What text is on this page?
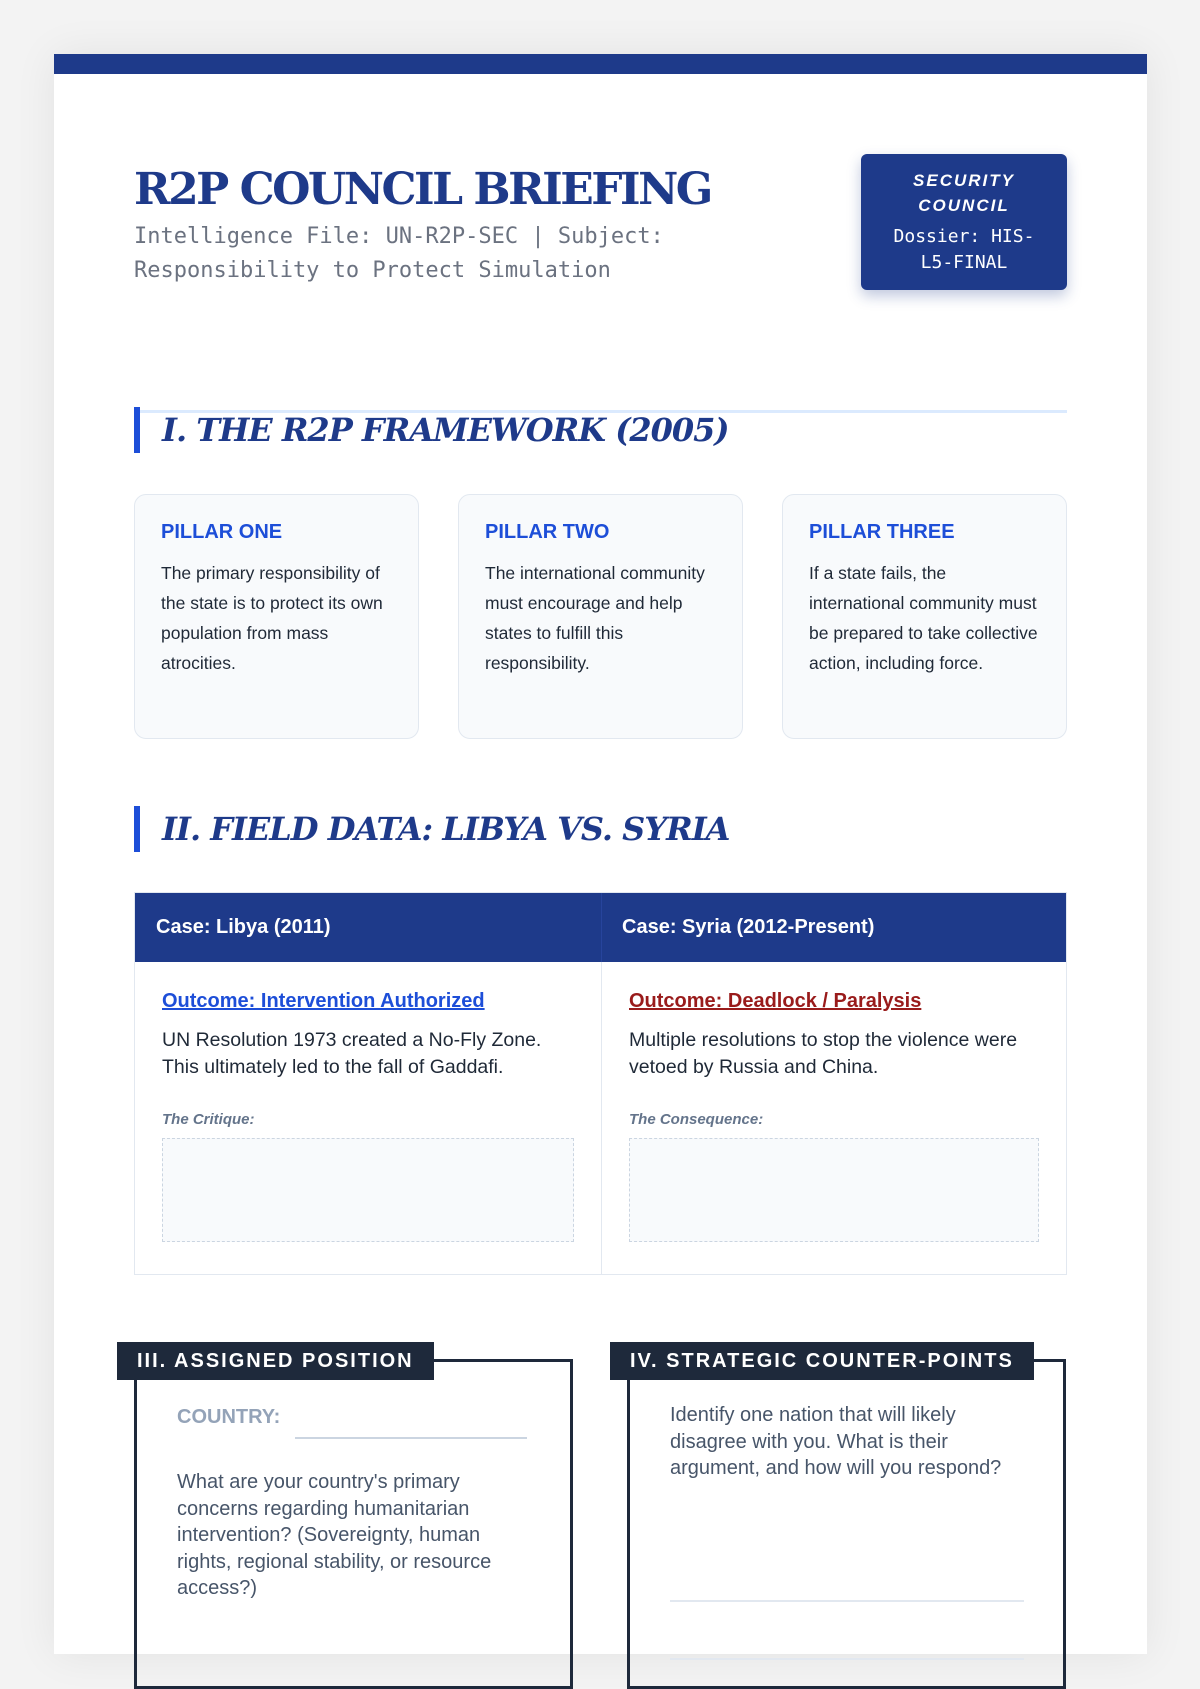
R2P COUNCIL BRIEFING
Intelligence File: UN-R2P-SEC | Subject: Responsibility to Protect Simulation
SECURITY COUNCIL
Dossier: HIS-L5-FINAL
I. THE R2P FRAMEWORK (2005)
PILLAR ONE

The primary responsibility of the state is to protect its own population from mass atrocities.

PILLAR TWO

The international community must encourage and help states to fulfill this responsibility.

PILLAR THREE

If a state fails, the international community must be prepared to take collective action, including force.

II. FIELD DATA: LIBYA VS. SYRIA
Case: Libya (2011)	Case: Syria (2012-Present)
Outcome: Intervention Authorized

UN Resolution 1973 created a No-Fly Zone. This ultimately led to the fall of Gaddafi.

The Critique:
Outcome: Deadlock / Paralysis

Multiple resolutions to stop the violence were vetoed by Russia and China.

The Consequence:
COUNTRY:
What are your country's primary concerns regarding humanitarian intervention? (Sovereignty, human rights, regional stability, or resource access?)
III. ASSIGNED POSITION
Identify one nation that will likely disagree with you. What is their argument, and how will you respond?
IV. STRATEGIC COUNTER-POINTS
